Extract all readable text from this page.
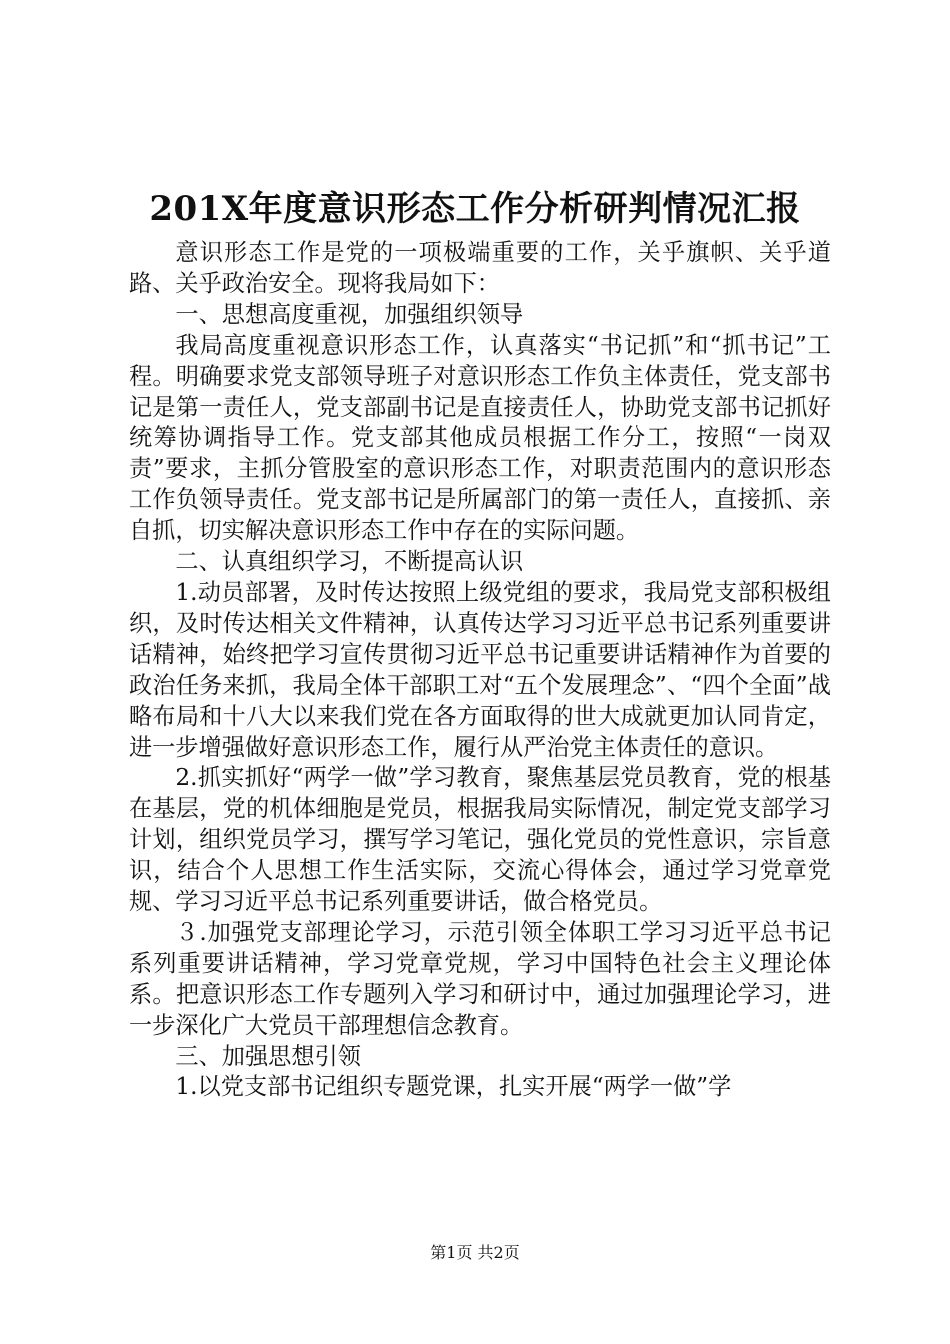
201X年度意识形态工作分析研判情况汇报

意识形态工作是党的一项极端重要的工作，关乎旗帜、关乎道路、关乎政治安全。现将我局如下：

一、思想高度重视，加强组织领导

我局高度重视意识形态工作，认真落实“书记抓”和“抓书记”工程。明确要求党支部领导班子对意识形态工作负主体责任，党支部书记是第一责任人，党支部副书记是直接责任人，协助党支部书记抓好统筹协调指导工作。党支部其他成员根据工作分工，按照“一岗双责”要求，主抓分管股室的意识形态工作，对职责范围内的意识形态工作负领导责任。党支部书记是所属部门的第一责任人，直接抓、亲自抓，切实解决意识形态工作中存在的实际问题。

二、认真组织学习，不断提高认识

1.动员部署，及时传达按照上级党组的要求，我局党支部积极组织，及时传达相关文件精神，认真传达学习习近平总书记系列重要讲话精神，始终把学习宣传贯彻习近平总书记重要讲话精神作为首要的政治任务来抓，我局全体干部职工对“五个发展理念”、“四个全面”战略布局和十八大以来我们党在各方面取得的世大成就更加认同肯定，进一步增强做好意识形态工作，履行从严治党主体责任的意识。

2.抓实抓好“两学一做”学习教育，聚焦基层党员教育，党的根基在基层，党的机体细胞是党员，根据我局实际情况，制定党支部学习计划，组织党员学习，撰写学习笔记，强化党员的党性意识，宗旨意识，结合个人思想工作生活实际，交流心得体会，通过学习党章党规、学习习近平总书记系列重要讲话，做合格党员。

３.加强党支部理论学习，示范引领全体职工学习习近平总书记系列重要讲话精神，学习党章党规，学习中国特色社会主义理论体系。把意识形态工作专题列入学习和研讨中，通过加强理论学习，进一步深化广大党员干部理想信念教育。

三、加强思想引领

1.以党支部书记组织专题党课，扎实开展“两学一做”学

第1页 共2页
